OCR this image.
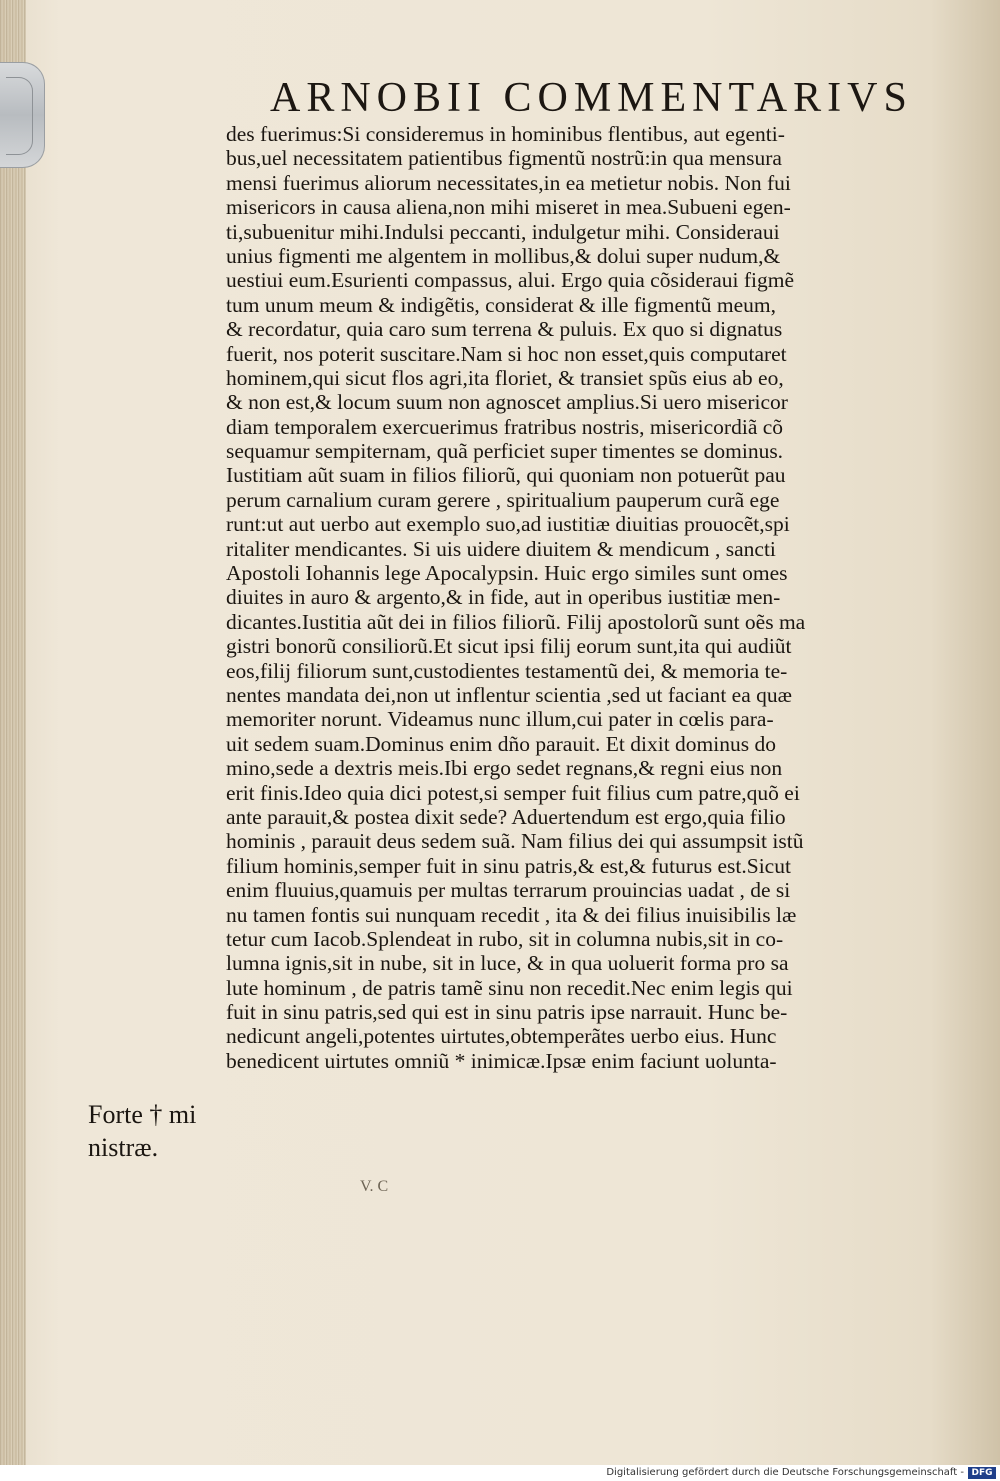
ARNOBII COMMENTARIVS
des fuerimus:Si consideremus in hominibus flentibus, aut egenti-
bus,uel necessitatem patientibus figmentũ nostrũ:in qua mensura
mensi fuerimus aliorum necessitates,in ea metietur nobis. Non fui
misericors in causa aliena,non mihi miseret in mea.Subueni egen-
ti,subuenitur mihi.Indulsi peccanti, indulgetur mihi. Consideraui
unius figmenti me algentem in mollibus,& dolui super nudum,&
uestiui eum.Esurienti compassus, alui. Ergo quia cõsideraui figmẽ
tum unum meum & indigẽtis, considerat & ille figmentũ meum,
& recordatur, quia caro sum terrena & puluis. Ex quo si dignatus
fuerit, nos poterit suscitare.Nam si hoc non esset,quis computaret
hominem,qui sicut flos agri,ita floriet, & transiet spũs eius ab eo,
& non est,& locum suum non agnoscet amplius.Si uero misericor
diam temporalem exercuerimus fratribus nostris, misericordiã cõ
sequamur sempiternam, quã perficiet super timentes se dominus.
Iustitiam aũt suam in filios filiorũ, qui quoniam non potuerũt pau
perum carnalium curam gerere , spiritualium pauperum curã ege
runt:ut aut uerbo aut exemplo suo,ad iustitiæ diuitias prouocẽt,spi
ritaliter mendicantes. Si uis uidere diuitem & mendicum , sancti
Apostoli Iohannis lege Apocalypsin. Huic ergo similes sunt omes
diuites in auro & argento,& in fide, aut in operibus iustitiæ men-
dicantes.Iustitia aũt dei in filios filiorũ. Filij apostolorũ sunt oẽs ma
gistri bonorũ consiliorũ.Et sicut ipsi filij eorum sunt,ita qui audiũt
eos,filij filiorum sunt,custodientes testamentũ dei, & memoria te-
nentes mandata dei,non ut inflentur scientia ,sed ut faciant ea quæ
memoriter norunt. Videamus nunc illum,cui pater in cœlis para-
uit sedem suam.Dominus enim dño parauit. Et dixit dominus do
mino,sede a dextris meis.Ibi ergo sedet regnans,& regni eius non
erit finis.Ideo quia dici potest,si semper fuit filius cum patre,quõ ei
ante parauit,& postea dixit sede? Aduertendum est ergo,quia filio
hominis , parauit deus sedem suã. Nam filius dei qui assumpsit istũ
filium hominis,semper fuit in sinu patris,& est,& futurus est.Sicut
enim fluuius,quamuis per multas terrarum prouincias uadat , de si
nu tamen fontis sui nunquam recedit , ita & dei filius inuisibilis læ
tetur cum Iacob.Splendeat in rubo, sit in columna nubis,sit in co-
lumna ignis,sit in nube, sit in luce, & in qua uoluerit forma pro sa
lute hominum , de patris tamẽ sinu non recedit.Nec enim legis qui
fuit in sinu patris,sed qui est in sinu patris ipse narrauit. Hunc be-
nedicunt angeli,potentes uirtutes,obtemperãtes uerbo eius. Hunc
benedicent uirtutes omniũ * inimicæ.Ipsæ enim faciunt uolunta-
Forte † mi
nistræ.
V. C
Digitalisierung gefördert durch die Deutsche Forschungsgemeinschaft - DFG
